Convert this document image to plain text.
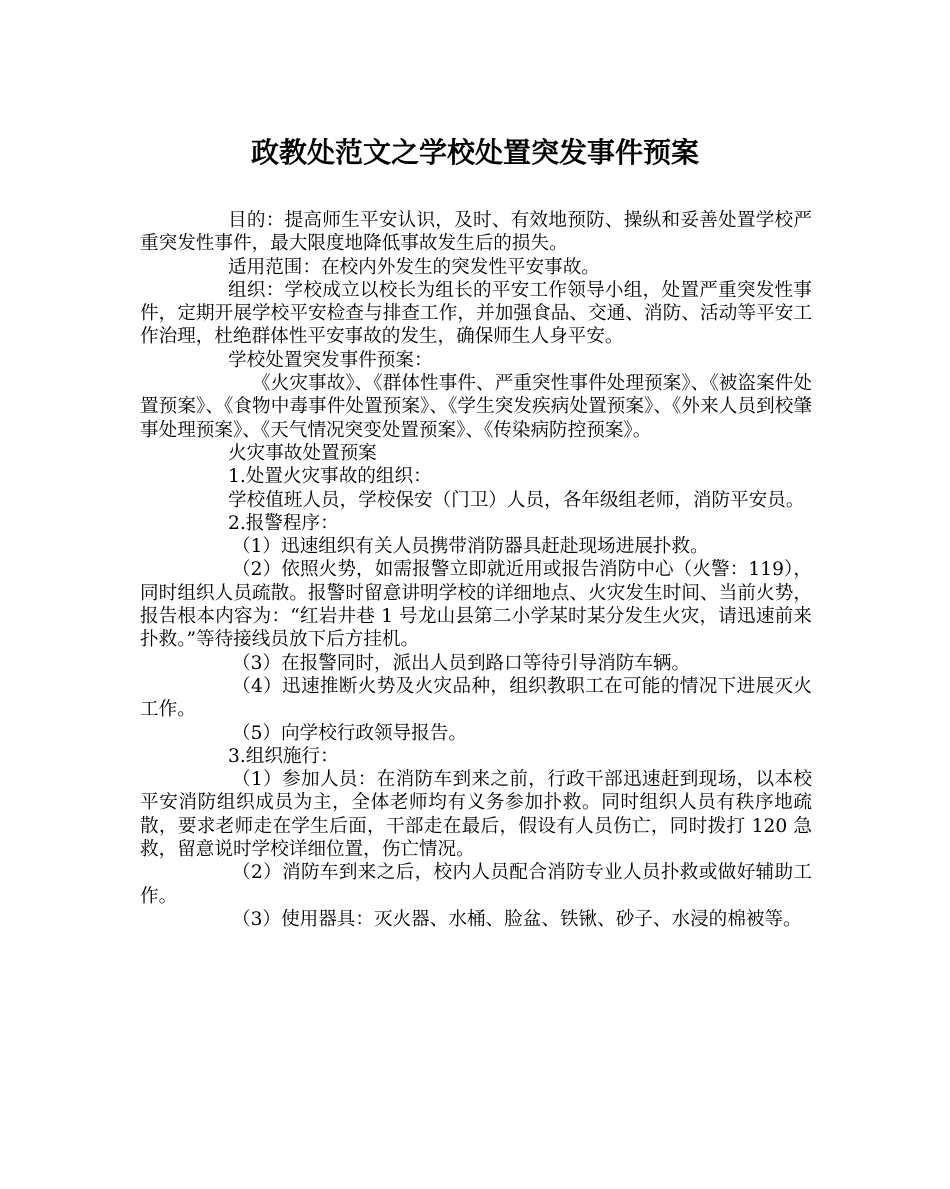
政教处范文之学校处置突发事件预案

目的：提高师生平安认识，及时、有效地预防、操纵和妥善处置学校严重突发性事件，最大限度地降低事故发生后的损失。

适用范围：在校内外发生的突发性平安事故。

组织：学校成立以校长为组长的平安工作领导小组，处置严重突发性事件，定期开展学校平安检查与排查工作，并加强食品、交通、消防、活动等平安工作治理，杜绝群体性平安事故的发生，确保师生人身平安。

学校处置突发事件预案：

《火灾事故》、《群体性事件、严重突性事件处理预案》、《被盗案件处置预案》、《食物中毒事件处置预案》、《学生突发疾病处置预案》、《外来人员到校肇事处理预案》、《天气情况突变处置预案》、《传染病防控预案》。

火灾事故处置预案

1.处置火灾事故的组织：

学校值班人员，学校保安（门卫）人员，各年级组老师，消防平安员。

2.报警程序：

（1）迅速组织有关人员携带消防器具赶赴现场进展扑救。

（2）依照火势，如需报警立即就近用或报告消防中心（火警：119），同时组织人员疏散。报警时留意讲明学校的详细地点、火灾发生时间、当前火势，报告根本内容为：“红岩井巷 1 号龙山县第二小学某时某分发生火灾，请迅速前来扑救。”等待接线员放下后方挂机。

（3）在报警同时，派出人员到路口等待引导消防车辆。

（4）迅速推断火势及火灾品种，组织教职工在可能的情况下进展灭火工作。

（5）向学校行政领导报告。

3.组织施行：

（1）参加人员：在消防车到来之前，行政干部迅速赶到现场，以本校平安消防组织成员为主，全体老师均有义务参加扑救。同时组织人员有秩序地疏散，要求老师走在学生后面，干部走在最后，假设有人员伤亡，同时拨打 120 急救，留意说时学校详细位置，伤亡情况。

（2）消防车到来之后，校内人员配合消防专业人员扑救或做好辅助工作。

（3）使用器具：灭火器、水桶、脸盆、铁锹、砂子、水浸的棉被等。
